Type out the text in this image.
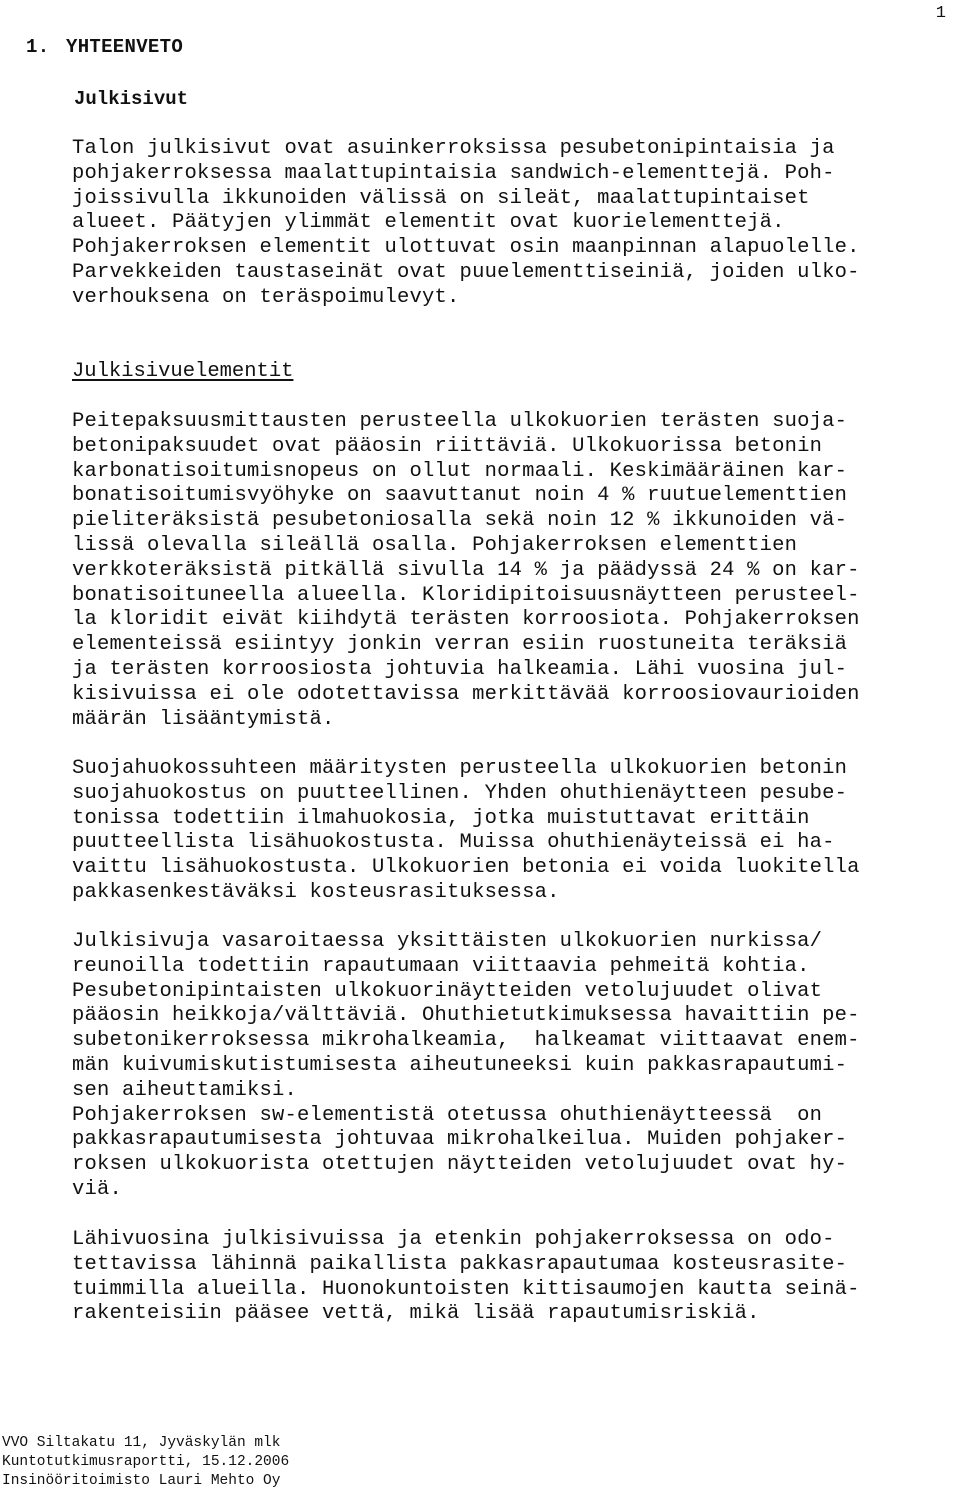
1
1. YHTEENVETO
Julkisivut
Talon julkisivut ovat asuinkerroksissa pesubetonipintaisia ja
pohjakerroksessa maalattupintaisia sandwich-elementtejä. Poh-
joissivulla ikkunoiden välissä on sileät, maalattupintaiset
alueet. Päätyjen ylimmät elementit ovat kuorielementtejä.
Pohjakerroksen elementit ulottuvat osin maanpinnan alapuolelle.
Parvekkeiden taustaseinät ovat puuelementtiseiniä, joiden ulko-
verhouksena on teräspoimulevyt.
Julkisivuelementit
Peitepaksuusmittausten perusteella ulkokuorien terästen suoja-
betonipaksuudet ovat pääosin riittäviä. Ulkokuorissa betonin
karbonatisoitumisnopeus on ollut normaali. Keskimääräinen kar-
bonatisoitumisvyöhyke on saavuttanut noin 4 % ruutuelementtien
pieliteräksistä pesubetoniosalla sekä noin 12 % ikkunoiden vä-
lissä olevalla sileällä osalla. Pohjakerroksen elementtien
verkkoteräksistä pitkällä sivulla 14 % ja päädyssä 24 % on kar-
bonatisoituneella alueella. Kloridipitoisuusnäytteen perusteel-
la kloridit eivät kiihdytä terästen korroosiota. Pohjakerroksen
elementeissä esiintyy jonkin verran esiin ruostuneita teräksiä
ja terästen korroosiosta johtuvia halkeamia. Lähi vuosina jul-
kisivuissa ei ole odotettavissa merkittävää korroosiovaurioiden
määrän lisääntymistä.
Suojahuokossuhteen määritysten perusteella ulkokuorien betonin
suojahuokostus on puutteellinen. Yhden ohuthienäytteen pesube-
tonissa todettiin ilmahuokosia, jotka muistuttavat erittäin
puutteellista lisähuokostusta. Muissa ohuthienäyteissä ei ha-
vaittu lisähuokostusta. Ulkokuorien betonia ei voida luokitella
pakkasenkestäväksi kosteusrasituksessa.
Julkisivuja vasaroitaessa yksittäisten ulkokuorien nurkissa/
reunoilla todettiin rapautumaan viittaavia pehmeitä kohtia.
Pesubetonipintaisten ulkokuorinäytteiden vetolujuudet olivat
pääosin heikkoja/välttäviä. Ohuthietutkimuksessa havaittiin pe-
subetonikerroksessa mikrohalkeamia,  halkeamat viittaavat enem-
män kuivumiskutistumisesta aiheutuneeksi kuin pakkasrapautumi-
sen aiheuttamiksi.
Pohjakerroksen sw-elementistä otetussa ohuthienäytteessä  on
pakkasrapautumisesta johtuvaa mikrohalkeilua. Muiden pohjaker-
roksen ulkokuorista otettujen näytteiden vetolujuudet ovat hy-
viä.
Lähivuosina julkisivuissa ja etenkin pohjakerroksessa on odo-
tettavissa lähinnä paikallista pakkasrapautumaa kosteusrasite-
tuimmilla alueilla. Huonokuntoisten kittisaumojen kautta seinä-
rakenteisiin pääsee vettä, mikä lisää rapautumisriskiä.
VVO Siltakatu 11, Jyväskylän mlk
Kuntotutkimusraportti, 15.12.2006
Insinööritoimisto Lauri Mehto Oy
